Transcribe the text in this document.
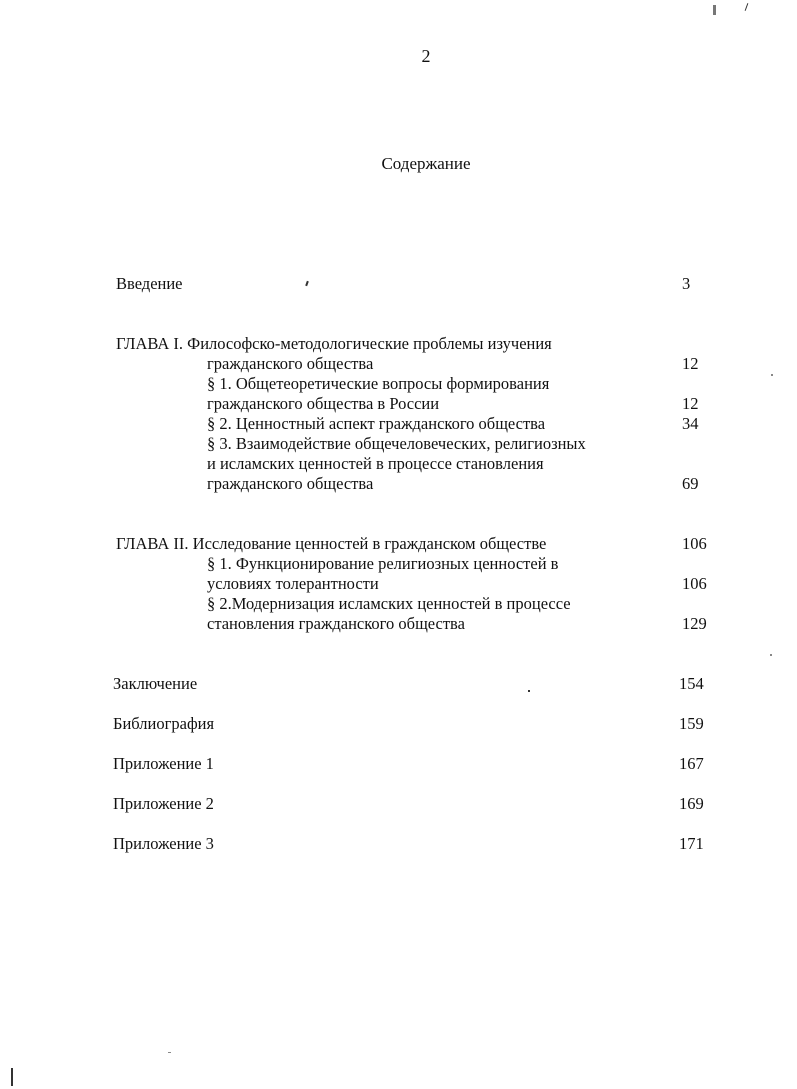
2
Содержание
Введение	3
ГЛАВА I. Философско-методологические проблемы изучения
гражданского общества	12
§ 1. Общетеоретические вопросы формирования
гражданского общества в России	12
§ 2. Ценностный аспект гражданского общества	34
§ 3. Взаимодействие общечеловеческих, религиозных
и исламских ценностей в процессе становления
гражданского общества	69
ГЛАВА II. Исследование ценностей в гражданском обществе	106
§ 1. Функционирование религиозных ценностей в
условиях толерантности	106
§ 2.Модернизация исламских ценностей в процессе
становления гражданского общества	129
Заключение	154
Библиография	159
Приложение 1	167
Приложение 2	169
Приложение 3	171
